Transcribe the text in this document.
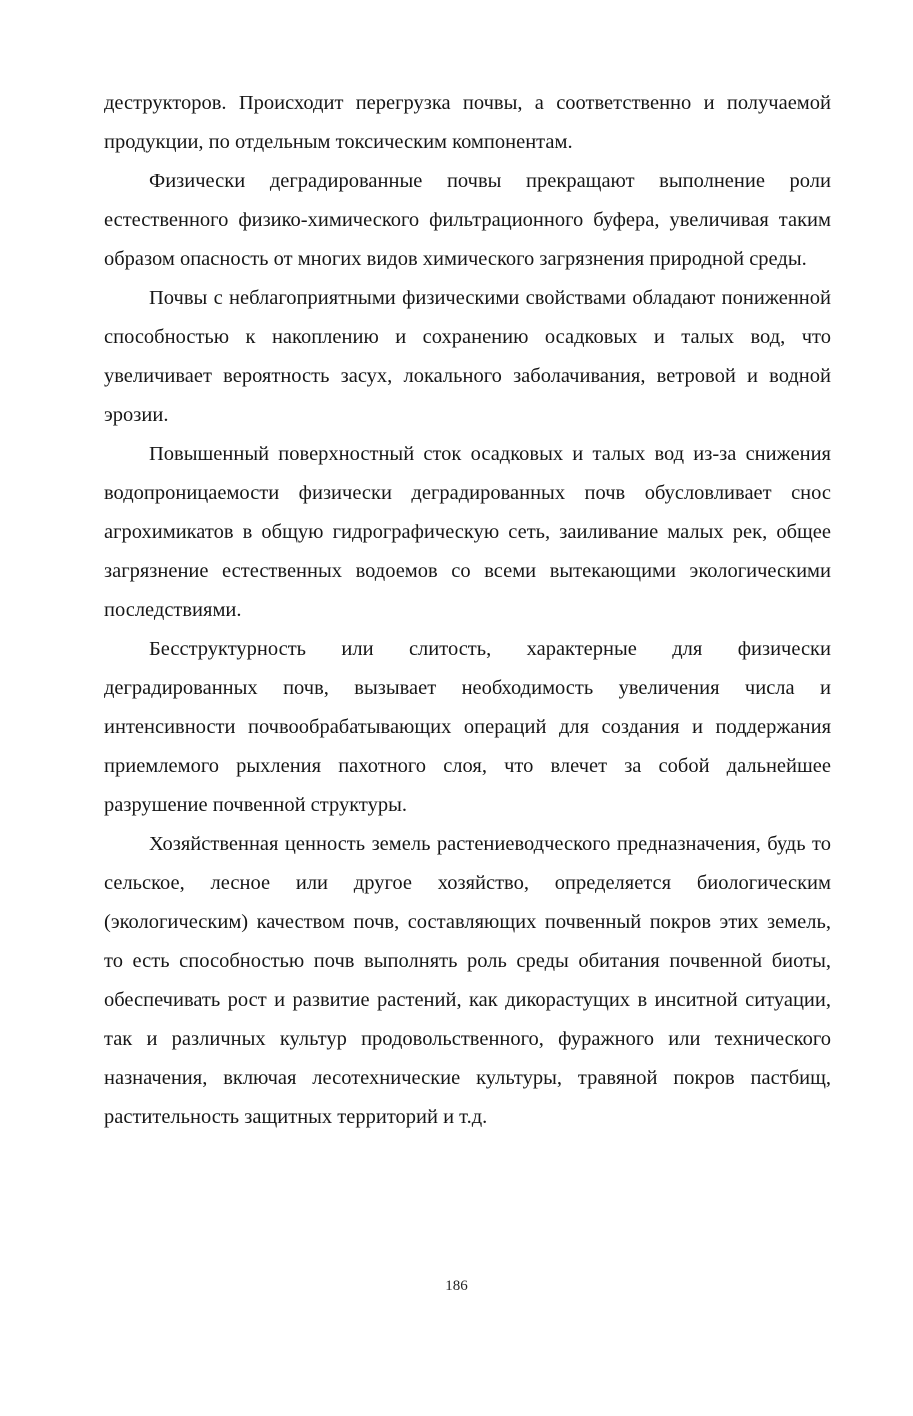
деструкторов. Происходит перегрузка почвы, а соответственно и получаемой продукции, по отдельным токсическим компонентам.

Физически деградированные почвы прекращают выполнение роли естественного физико-химического фильтрационного буфера, увеличивая таким образом опасность от многих видов химического загрязнения природной среды.

Почвы с неблагоприятными физическими свойствами обладают пониженной способностью к накоплению и сохранению осадковых и талых вод, что увеличивает вероятность засух, локального заболачивания, ветровой и водной эрозии.

Повышенный поверхностный сток осадковых и талых вод из-за снижения водопроницаемости физически деградированных почв обусловливает снос агрохимикатов в общую гидрографическую сеть, заиливание малых рек, общее загрязнение естественных водоемов со всеми вытекающими экологическими последствиями.

Бесструктурность или слитость, характерные для физически деградированных почв, вызывает необходимость увеличения числа и интенсивности почвообрабатывающих операций для создания и поддержания приемлемого рыхления пахотного слоя, что влечет за собой дальнейшее разрушение почвенной структуры.

Хозяйственная ценность земель растениеводческого предназначения, будь то сельское, лесное или другое хозяйство, определяется биологическим (экологическим) качеством почв, составляющих почвенный покров этих земель, то есть способностью почв выполнять роль среды обитания почвенной биоты, обеспечивать рост и развитие растений, как дикорастущих в инситной ситуации, так и различных культур продовольственного, фуражного или технического назначения, включая лесотехнические культуры, травяной покров пастбищ, растительность защитных территорий и т.д.

186
